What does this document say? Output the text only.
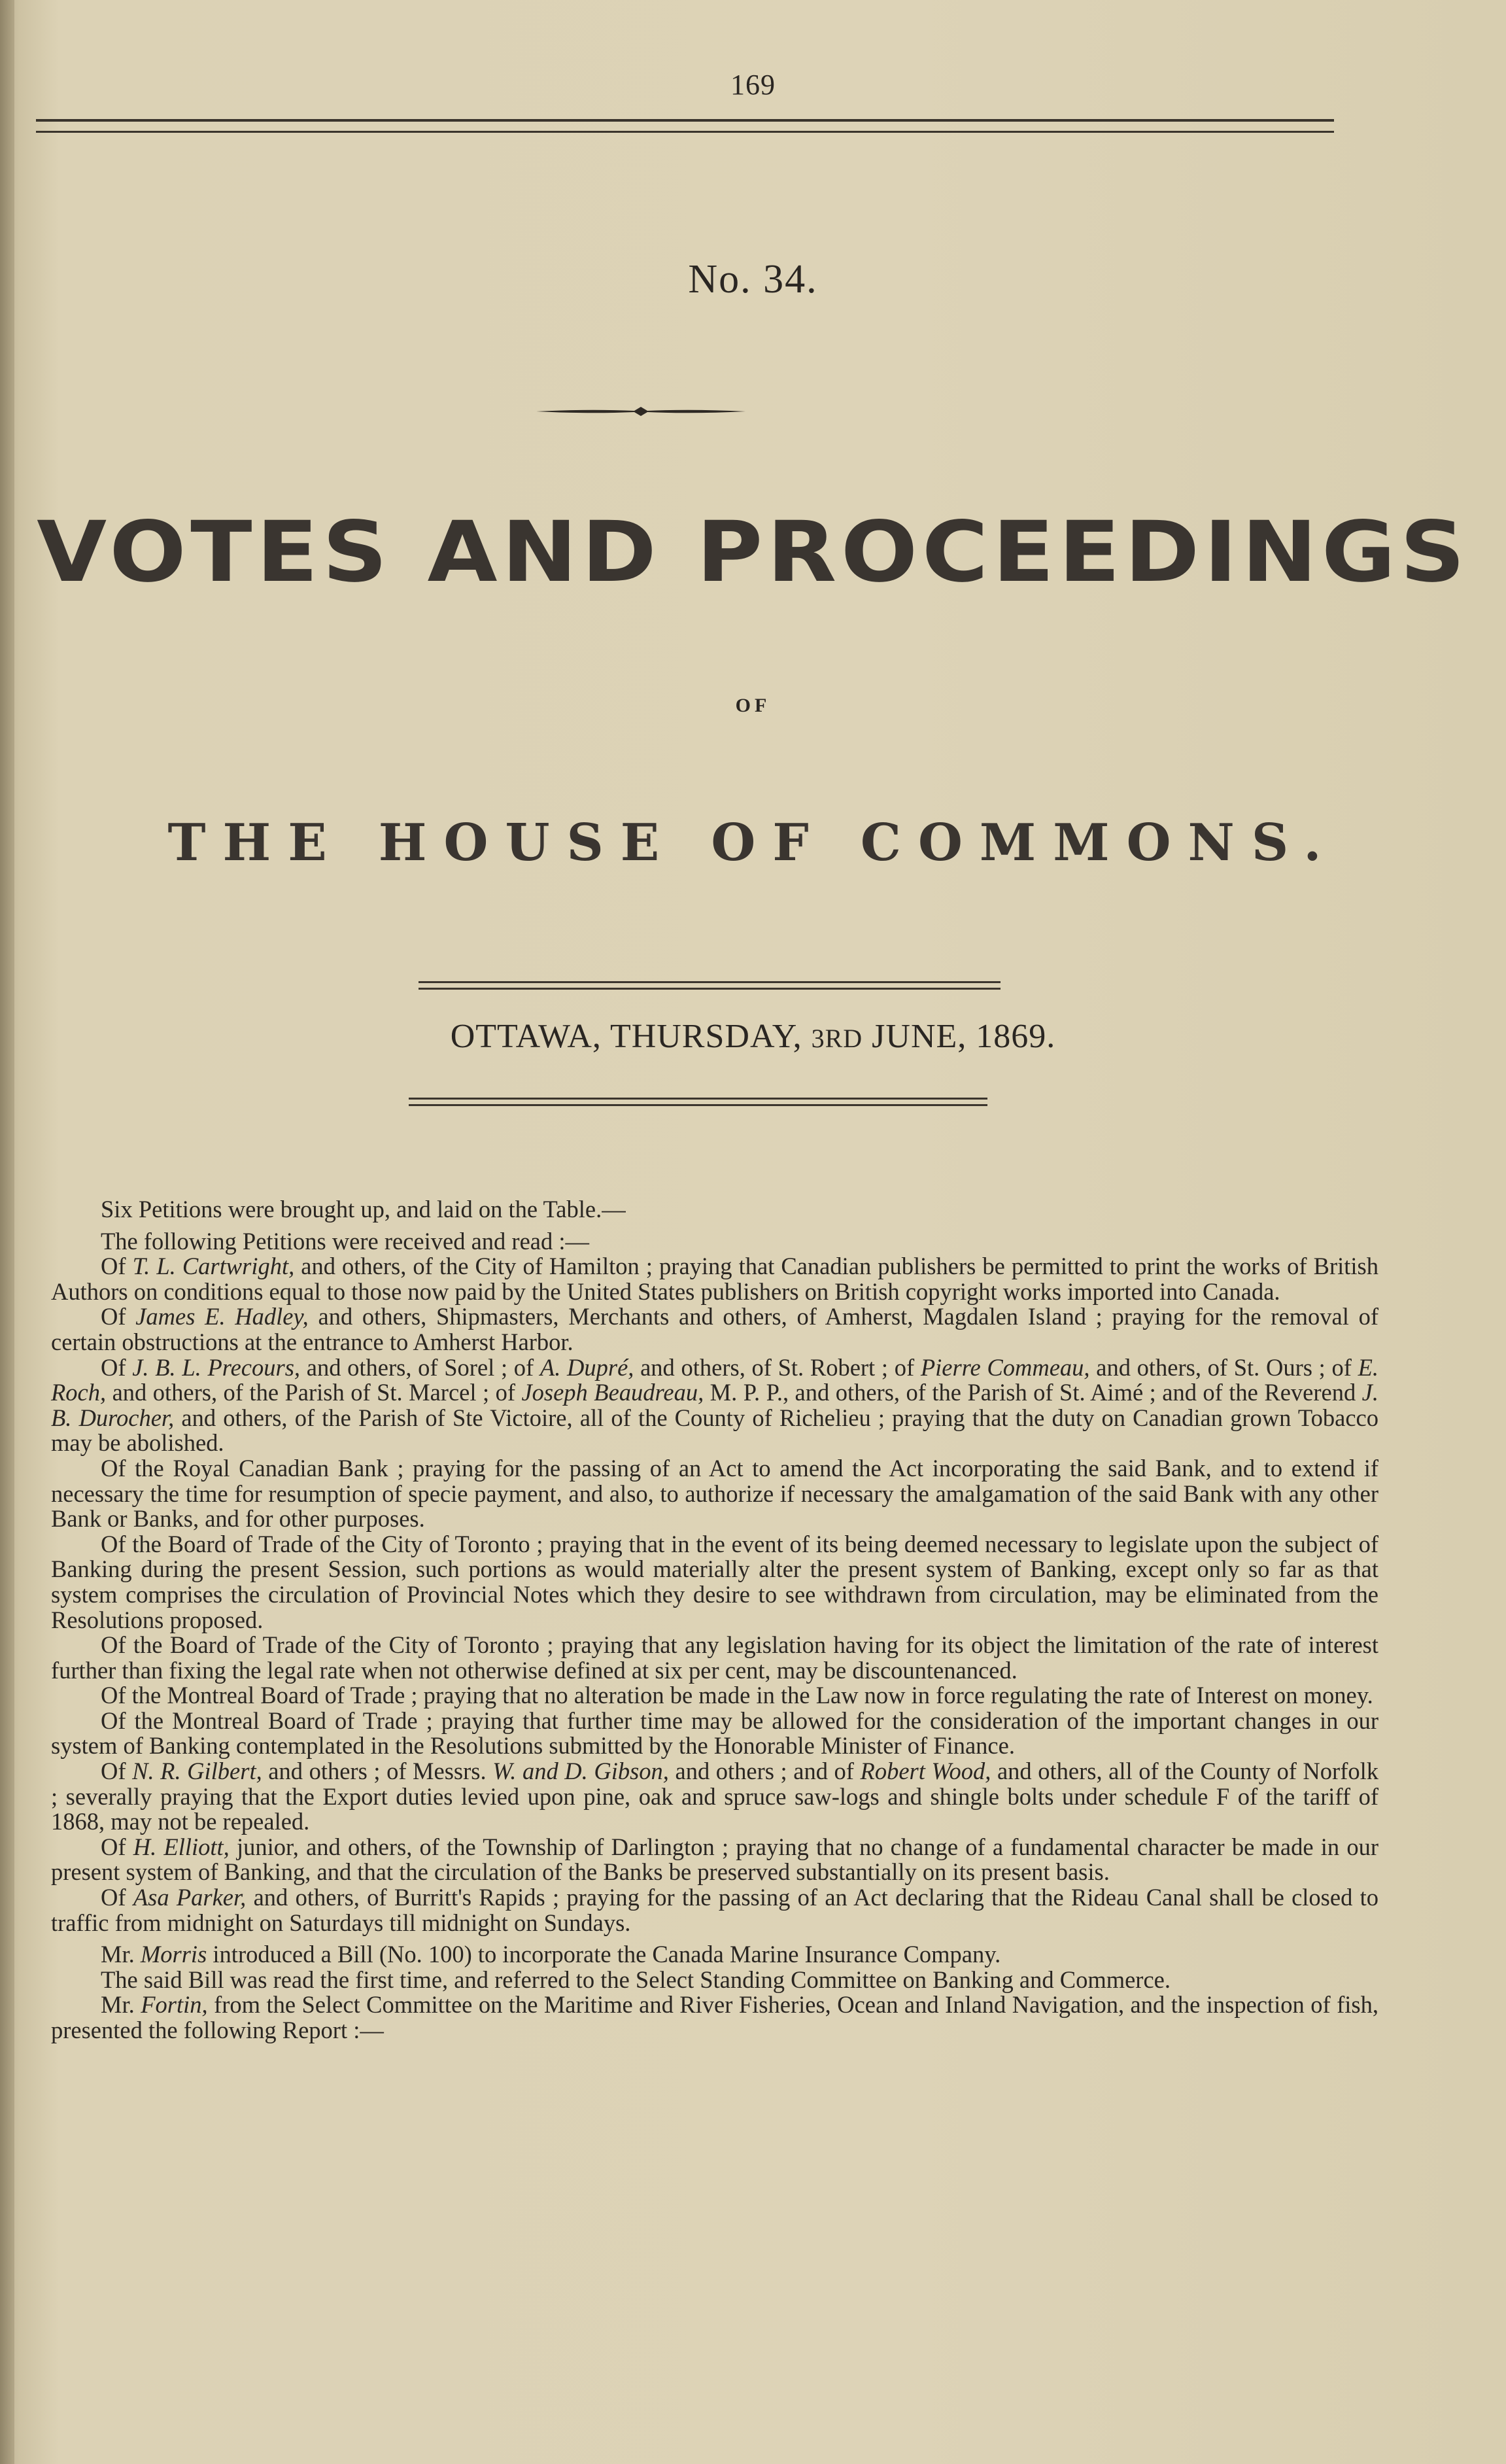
169
No. 34.
VOTES AND PROCEEDINGS
OF
THE HOUSE OF COMMONS.
OTTAWA, THURSDAY, 3RD JUNE, 1869.

Six Petitions were brought up, and laid on the Table.—

The following Petitions were received and read :—

Of T. L. Cartwright, and others, of the City of Hamilton ; praying that Canadian publishers be permitted to print the works of British Authors on conditions equal to those now paid by the United States publishers on British copyright works imported into Canada.

Of James E. Hadley, and others, Shipmasters, Merchants and others, of Amherst, Magdalen Island ; praying for the removal of certain obstructions at the entrance to Amherst Harbor.

Of J. B. L. Precours, and others, of Sorel ; of A. Dupré, and others, of St. Robert ; of Pierre Commeau, and others, of St. Ours ; of E. Roch, and others, of the Parish of St. Marcel ; of Joseph Beaudreau, M. P. P., and others, of the Parish of St. Aimé ; and of the Reverend J. B. Durocher, and others, of the Parish of Ste Victoire, all of the County of Richelieu ; praying that the duty on Canadian grown Tobacco may be abolished.

Of the Royal Canadian Bank ; praying for the passing of an Act to amend the Act incorporating the said Bank, and to extend if necessary the time for resumption of specie payment, and also, to authorize if necessary the amalgamation of the said Bank with any other Bank or Banks, and for other purposes.

Of the Board of Trade of the City of Toronto ; praying that in the event of its being deemed necessary to legislate upon the subject of Banking during the present Session, such portions as would materially alter the present system of Banking, except only so far as that system comprises the circulation of Provincial Notes which they desire to see withdrawn from circulation, may be eliminated from the Resolutions proposed.

Of the Board of Trade of the City of Toronto ; praying that any legislation having for its object the limitation of the rate of interest further than fixing the legal rate when not otherwise defined at six per cent, may be discountenanced.

Of the Montreal Board of Trade ; praying that no alteration be made in the Law now in force regulating the rate of Interest on money.

Of the Montreal Board of Trade ; praying that further time may be allowed for the consideration of the important changes in our system of Banking contemplated in the Resolutions submitted by the Honorable Minister of Finance.

Of N. R. Gilbert, and others ; of Messrs. W. and D. Gibson, and others ; and of Robert Wood, and others, all of the County of Norfolk ; severally praying that the Export duties levied upon pine, oak and spruce saw-logs and shingle bolts under schedule F of the tariff of 1868, may not be repealed.

Of H. Elliott, junior, and others, of the Township of Darlington ; praying that no change of a fundamental character be made in our present system of Banking, and that the circulation of the Banks be preserved substantially on its present basis.

Of Asa Parker, and others, of Burritt's Rapids ; praying for the passing of an Act declaring that the Rideau Canal shall be closed to traffic from midnight on Saturdays till midnight on Sundays.

Mr. Morris introduced a Bill (No. 100) to incorporate the Canada Marine Insurance Company.

The said Bill was read the first time, and referred to the Select Standing Committee on Banking and Commerce.

Mr. Fortin, from the Select Committee on the Maritime and River Fisheries, Ocean and Inland Navigation, and the inspection of fish, presented the following Report :—
